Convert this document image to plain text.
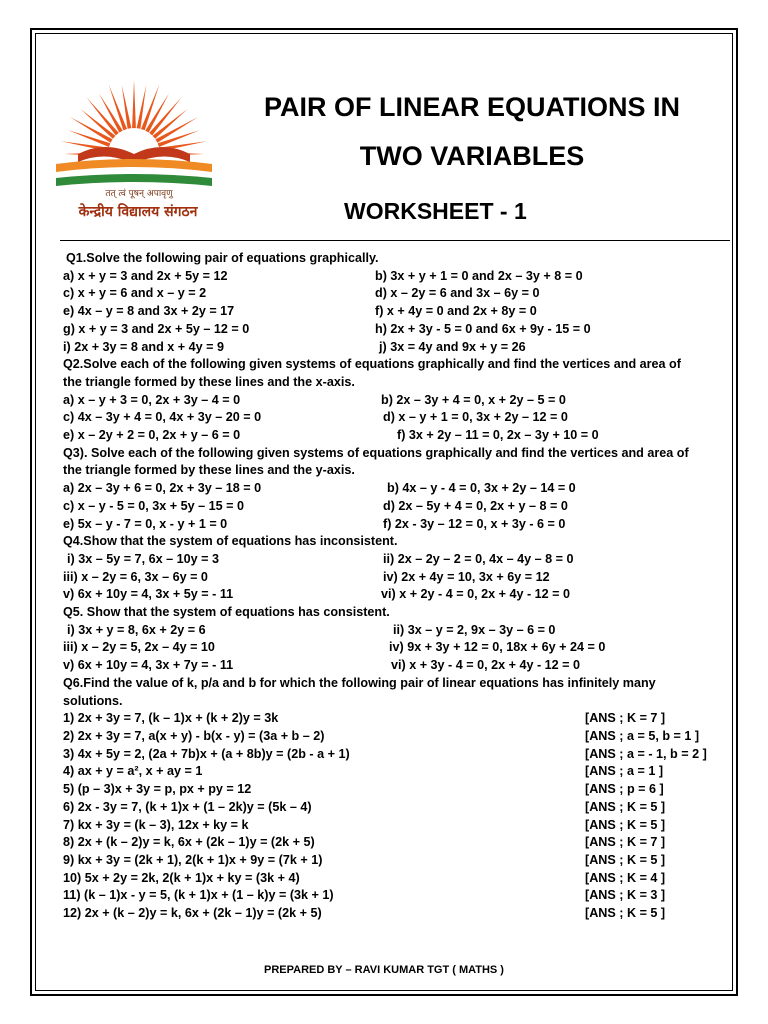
तत् त्वं पूषन् अपावृणु
केन्द्रीय विद्यालय संगठन
PAIR OF LINEAR EQUATIONS IN
TWO VARIABLES
WORKSHEET - 1
Q1.Solve the following pair of equations graphically.
a) x + y = 3 and 2x + 5y = 12	b) 3x + y + 1 = 0 and 2x – 3y + 8 = 0
c) x + y = 6 and x – y = 2	d) x – 2y = 6 and 3x – 6y = 0
e) 4x – y = 8 and 3x + 2y = 17	f) x + 4y = 0 and 2x + 8y = 0
g) x + y = 3 and 2x + 5y – 12 = 0	h) 2x + 3y - 5 = 0 and 6x + 9y - 15 = 0
i) 2x + 3y = 8 and x + 4y = 9	j) 3x = 4y and 9x + y = 26
Q2.Solve each of the following given systems of equations graphically and find the vertices and area of the triangle formed by these lines and the x-axis.
a) x – y + 3 = 0, 2x + 3y – 4 = 0	b) 2x – 3y + 4 = 0, x + 2y – 5 = 0
c) 4x – 3y + 4 = 0, 4x + 3y – 20 = 0	d) x – y + 1 = 0, 3x + 2y – 12 = 0
e) x – 2y + 2 = 0, 2x + y – 6 = 0	f) 3x + 2y – 11 = 0, 2x – 3y + 10 = 0
Q3). Solve each of the following given systems of equations graphically and find the vertices and area of the triangle formed by these lines and the y-axis.
a) 2x – 3y + 6 = 0, 2x + 3y – 18 = 0	b) 4x – y - 4 = 0, 3x + 2y – 14 = 0
c) x – y - 5 = 0, 3x + 5y – 15 = 0	d) 2x – 5y + 4 = 0, 2x + y – 8 = 0
e) 5x – y - 7 = 0, x - y + 1 = 0	f) 2x - 3y – 12 = 0, x + 3y - 6 = 0
Q4.Show that the system of equations has inconsistent.
i) 3x – 5y = 7, 6x – 10y = 3	ii) 2x – 2y – 2 = 0, 4x – 4y – 8 = 0
iii) x – 2y = 6, 3x – 6y = 0	iv) 2x + 4y = 10, 3x + 6y = 12
v) 6x + 10y = 4, 3x + 5y = - 11	vi) x + 2y - 4 = 0, 2x + 4y - 12 = 0
Q5. Show that the system of equations has consistent.
i) 3x + y = 8, 6x + 2y = 6	ii) 3x – y = 2, 9x – 3y – 6 = 0
iii) x – 2y = 5, 2x – 4y = 10	iv) 9x + 3y + 12 = 0, 18x + 6y + 24 = 0
v) 6x + 10y = 4, 3x + 7y = - 11	vi) x + 3y - 4 = 0, 2x + 4y - 12 = 0
Q6.Find the value of k, p/a and b for which the following pair of linear equations has infinitely many solutions.
1) 2x + 3y = 7, (k – 1)x + (k + 2)y = 3k	[ANS ; K = 7 ]
2) 2x + 3y = 7, a(x + y) - b(x - y) = (3a + b – 2)	[ANS ; a = 5, b = 1 ]
3) 4x + 5y = 2, (2a + 7b)x + (a + 8b)y = (2b - a + 1)	[ANS ; a = - 1, b = 2 ]
4) ax + y = a², x + ay = 1	[ANS ; a = 1 ]
5) (p – 3)x + 3y = p, px + py = 12	[ANS ; p = 6 ]
6) 2x - 3y = 7, (k + 1)x + (1 – 2k)y = (5k – 4)	[ANS ; K = 5 ]
7) kx + 3y = (k – 3), 12x + ky = k	[ANS ; K = 5 ]
8) 2x + (k – 2)y = k, 6x + (2k – 1)y = (2k + 5)	[ANS ; K = 7 ]
9) kx + 3y = (2k + 1), 2(k + 1)x + 9y = (7k + 1)	[ANS ; K = 5 ]
10) 5x + 2y = 2k, 2(k + 1)x + ky = (3k + 4)	[ANS ; K = 4 ]
11) (k – 1)x - y = 5, (k + 1)x + (1 – k)y = (3k + 1)	[ANS ; K = 3 ]
12) 2x + (k – 2)y = k, 6x + (2k – 1)y = (2k + 5)	[ANS ; K = 5 ]
PREPARED BY – RAVI KUMAR TGT ( MATHS )
